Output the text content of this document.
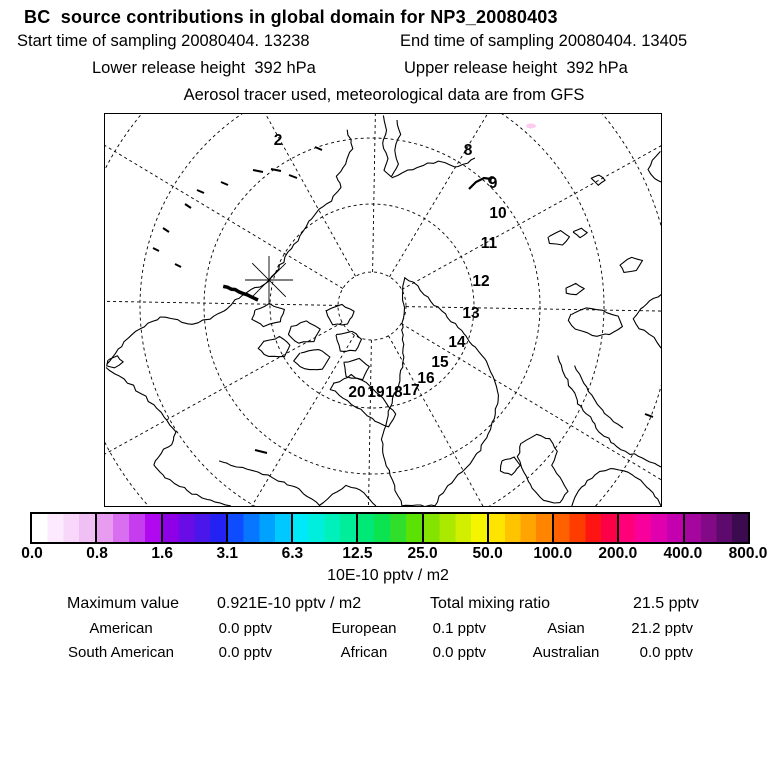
BC  source contributions in global domain for NP3_20080403
Start time of sampling 20080404. 13238	End time of sampling 20080404. 13405
Lower release height  392 hPa	Upper release height  392 hPa
Aerosol tracer used, meteorological data are from GFS
2
8
9
10
11
12
13
14
15
16
17
18
19
20
0.0	0.8	1.6	3.1	6.3	12.5 25.0 50.0 100.0 200.0 400.0 800.0
10E-10 pptv / m2
Maximum value 0.921E-10 pptv / m2	Total mixing ratio	21.5 pptv
American	0.0 pptv	European	0.1 pptv	Asian	21.2 pptv
South American	0.0 pptv	African	0.0 pptv	Australian	0.0 pptv
